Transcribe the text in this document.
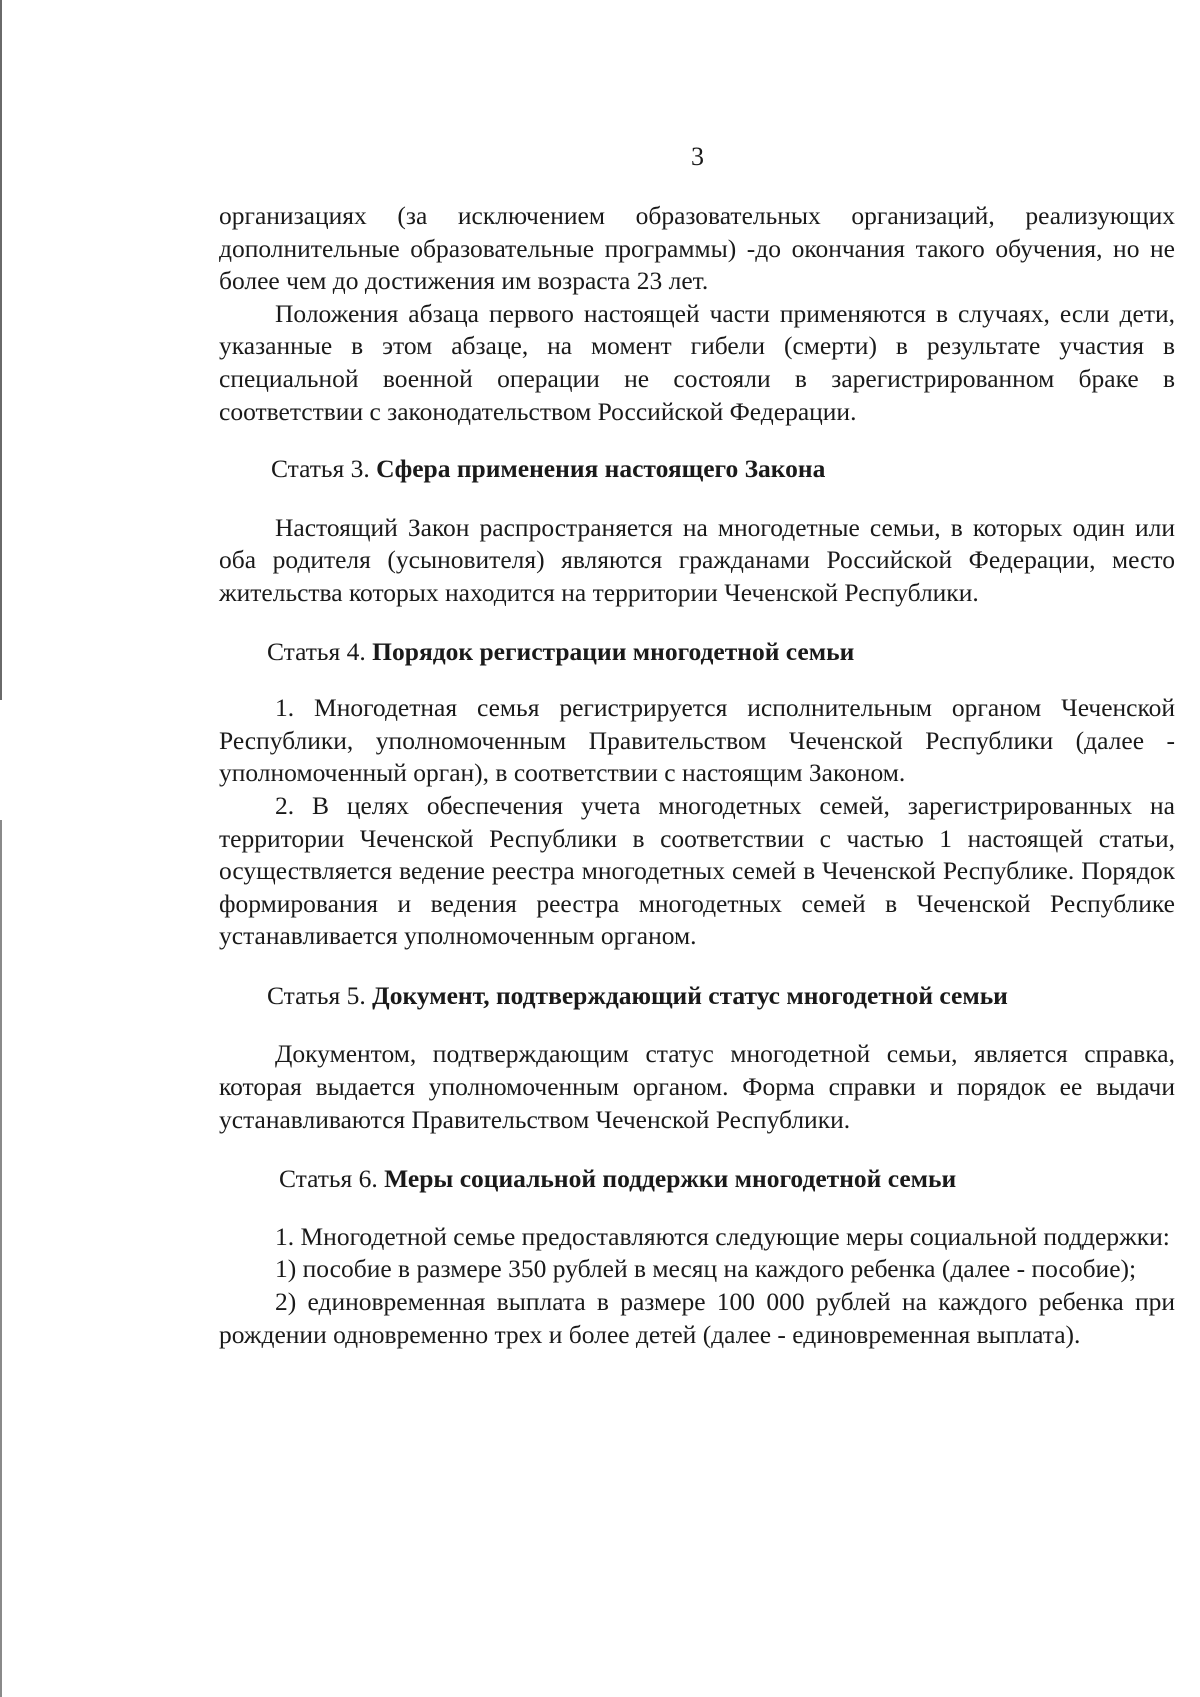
3

организациях (за исключением образовательных организаций, реализующих дополнительные образовательные программы) -до окончания такого обучения, но не более чем до достижения им возраста 23 лет.

Положения абзаца первого настоящей части применяются в случаях, если дети, указанные в этом абзаце, на момент гибели (смерти) в результате участия в специальной военной операции не состояли в зарегистрированном браке в соответствии с законодательством Российской Федерации.

Статья 3. Сфера применения настоящего Закона

Настоящий Закон распространяется на многодетные семьи, в которых один или оба родителя (усыновителя) являются гражданами Российской Федерации, место жительства которых находится на территории Чеченской Республики.

Статья 4. Порядок регистрации многодетной семьи

1. Многодетная семья регистрируется исполнительным органом Чеченской Республики, уполномоченным Правительством Чеченской Республики (далее - уполномоченный орган), в соответствии с настоящим Законом.

2. В целях обеспечения учета многодетных семей, зарегистрированных на территории Чеченской Республики в соответствии с частью 1 настоящей статьи, осуществляется ведение реестра многодетных семей в Чеченской Республике. Порядок формирования и ведения реестра многодетных семей в Чеченской Республике устанавливается уполномоченным органом.

Статья 5. Документ, подтверждающий статус многодетной семьи

Документом, подтверждающим статус многодетной семьи, является справка, которая выдается уполномоченным органом. Форма справки и порядок ее выдачи устанавливаются Правительством Чеченской Республики.

Статья 6. Меры социальной поддержки многодетной семьи

1. Многодетной семье предоставляются следующие меры социальной поддержки:

1) пособие в размере 350 рублей в месяц на каждого ребенка (далее - пособие);

2) единовременная выплата в размере 100 000 рублей на каждого ребенка при рождении одновременно трех и более детей (далее - единовременная выплата).
